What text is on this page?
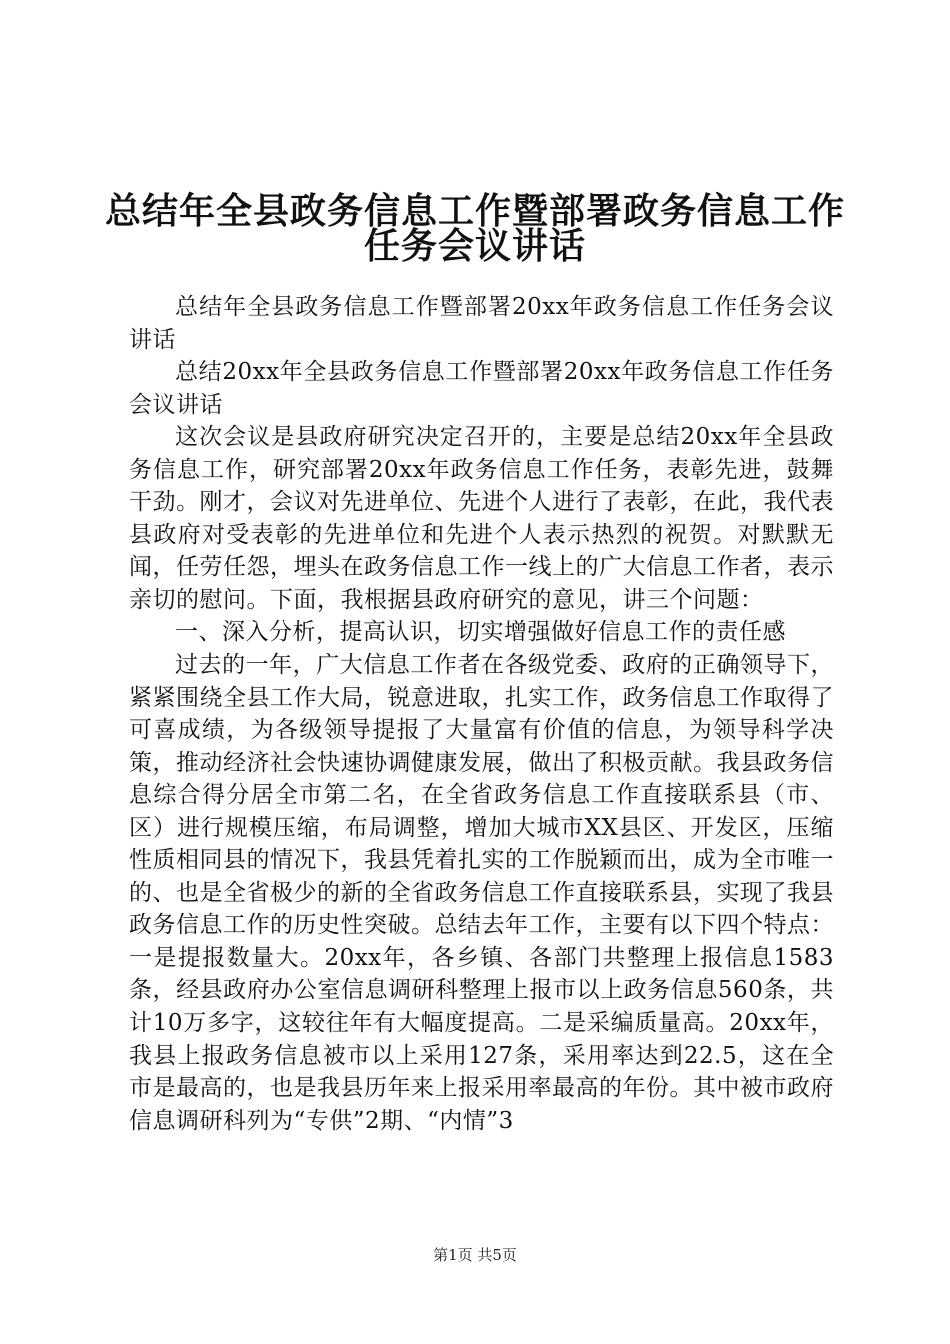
总结年全县政务信息工作暨部署政务信息工作
任务会议讲话

总结年全县政务信息工作暨部署20xx年政务信息工作任务会议讲话

总结20xx年全县政务信息工作暨部署20xx年政务信息工作任务会议讲话

这次会议是县政府研究决定召开的，主要是总结20xx年全县政务信息工作，研究部署20xx年政务信息工作任务，表彰先进，鼓舞干劲。刚才，会议对先进单位、先进个人进行了表彰，在此，我代表县政府对受表彰的先进单位和先进个人表示热烈的祝贺。对默默无闻，任劳任怨，埋头在政务信息工作一线上的广大信息工作者，表示亲切的慰问。下面，我根据县政府研究的意见，讲三个问题：

一、深入分析，提高认识，切实增强做好信息工作的责任感

过去的一年，广大信息工作者在各级党委、政府的正确领导下，紧紧围绕全县工作大局，锐意进取，扎实工作，政务信息工作取得了可喜成绩，为各级领导提报了大量富有价值的信息，为领导科学决策，推动经济社会快速协调健康发展，做出了积极贡献。我县政务信息综合得分居全市第二名，在全省政务信息工作直接联系县（市、区）进行规模压缩，布局调整，增加大城市XX县区、开发区，压缩性质相同县的情况下，我县凭着扎实的工作脱颖而出，成为全市唯一的、也是全省极少的新的全省政务信息工作直接联系县，实现了我县政务信息工作的历史性突破。总结去年工作，主要有以下四个特点：一是提报数量大。20xx年，各乡镇、各部门共整理上报信息1583条，经县政府办公室信息调研科整理上报市以上政务信息560条，共计10万多字，这较往年有大幅度提高。二是采编质量高。20xx年，我县上报政务信息被市以上采用127条，采用率达到22.5，这在全市是最高的，也是我县历年来上报采用率最高的年份。其中被市政府信息调研科列为“专供”2期、“内情”3

第1页 共5页
